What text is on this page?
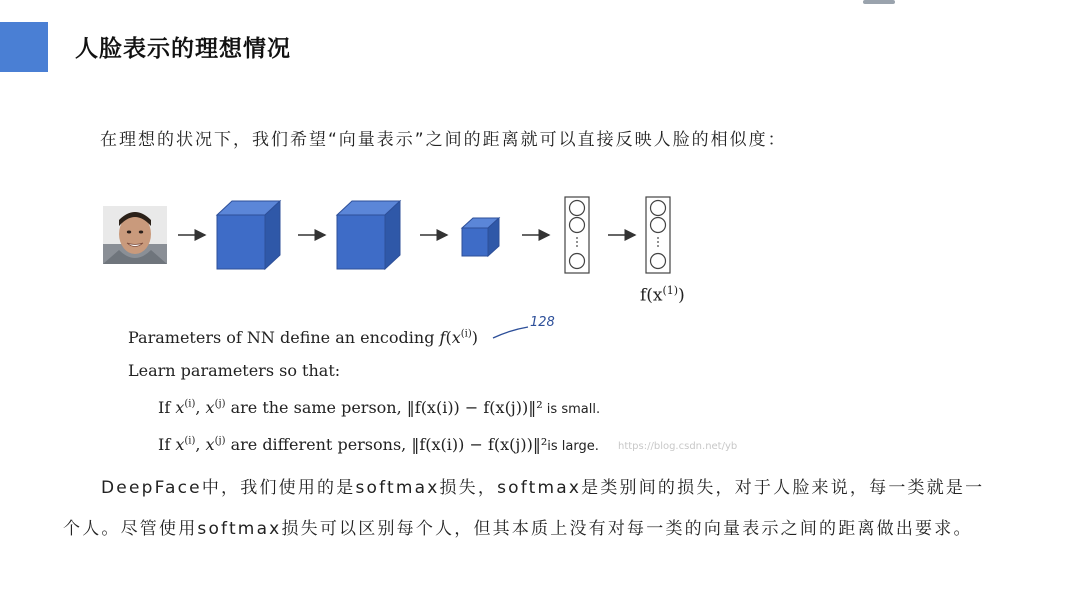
人脸表示的理想情况
在理想的状况下，我们希望“向量表示”之间的距离就可以直接反映人脸的相似度：
$f(x^{(1)})$
128
Parameters of NN define an encoding $f(x^{(i)})$
Learn parameters so that:
If $x^{(i)}$, $x^{(j)}$ are the same person, ‖f(x(i)) − f(x(j))‖² is small.
If $x^{(i)}$, $x^{(j)}$ are different persons, ‖f(x(i)) − f(x(j))‖²is large. https://blog.csdn.net/yb
DeepFace中，我们使用的是softmax损失，softmax是类别间的损失，对于人脸来说，每一类就是一个人。尽管使用softmax损失可以区别每个人，但其本质上没有对每一类的向量表示之间的距离做出要求。
